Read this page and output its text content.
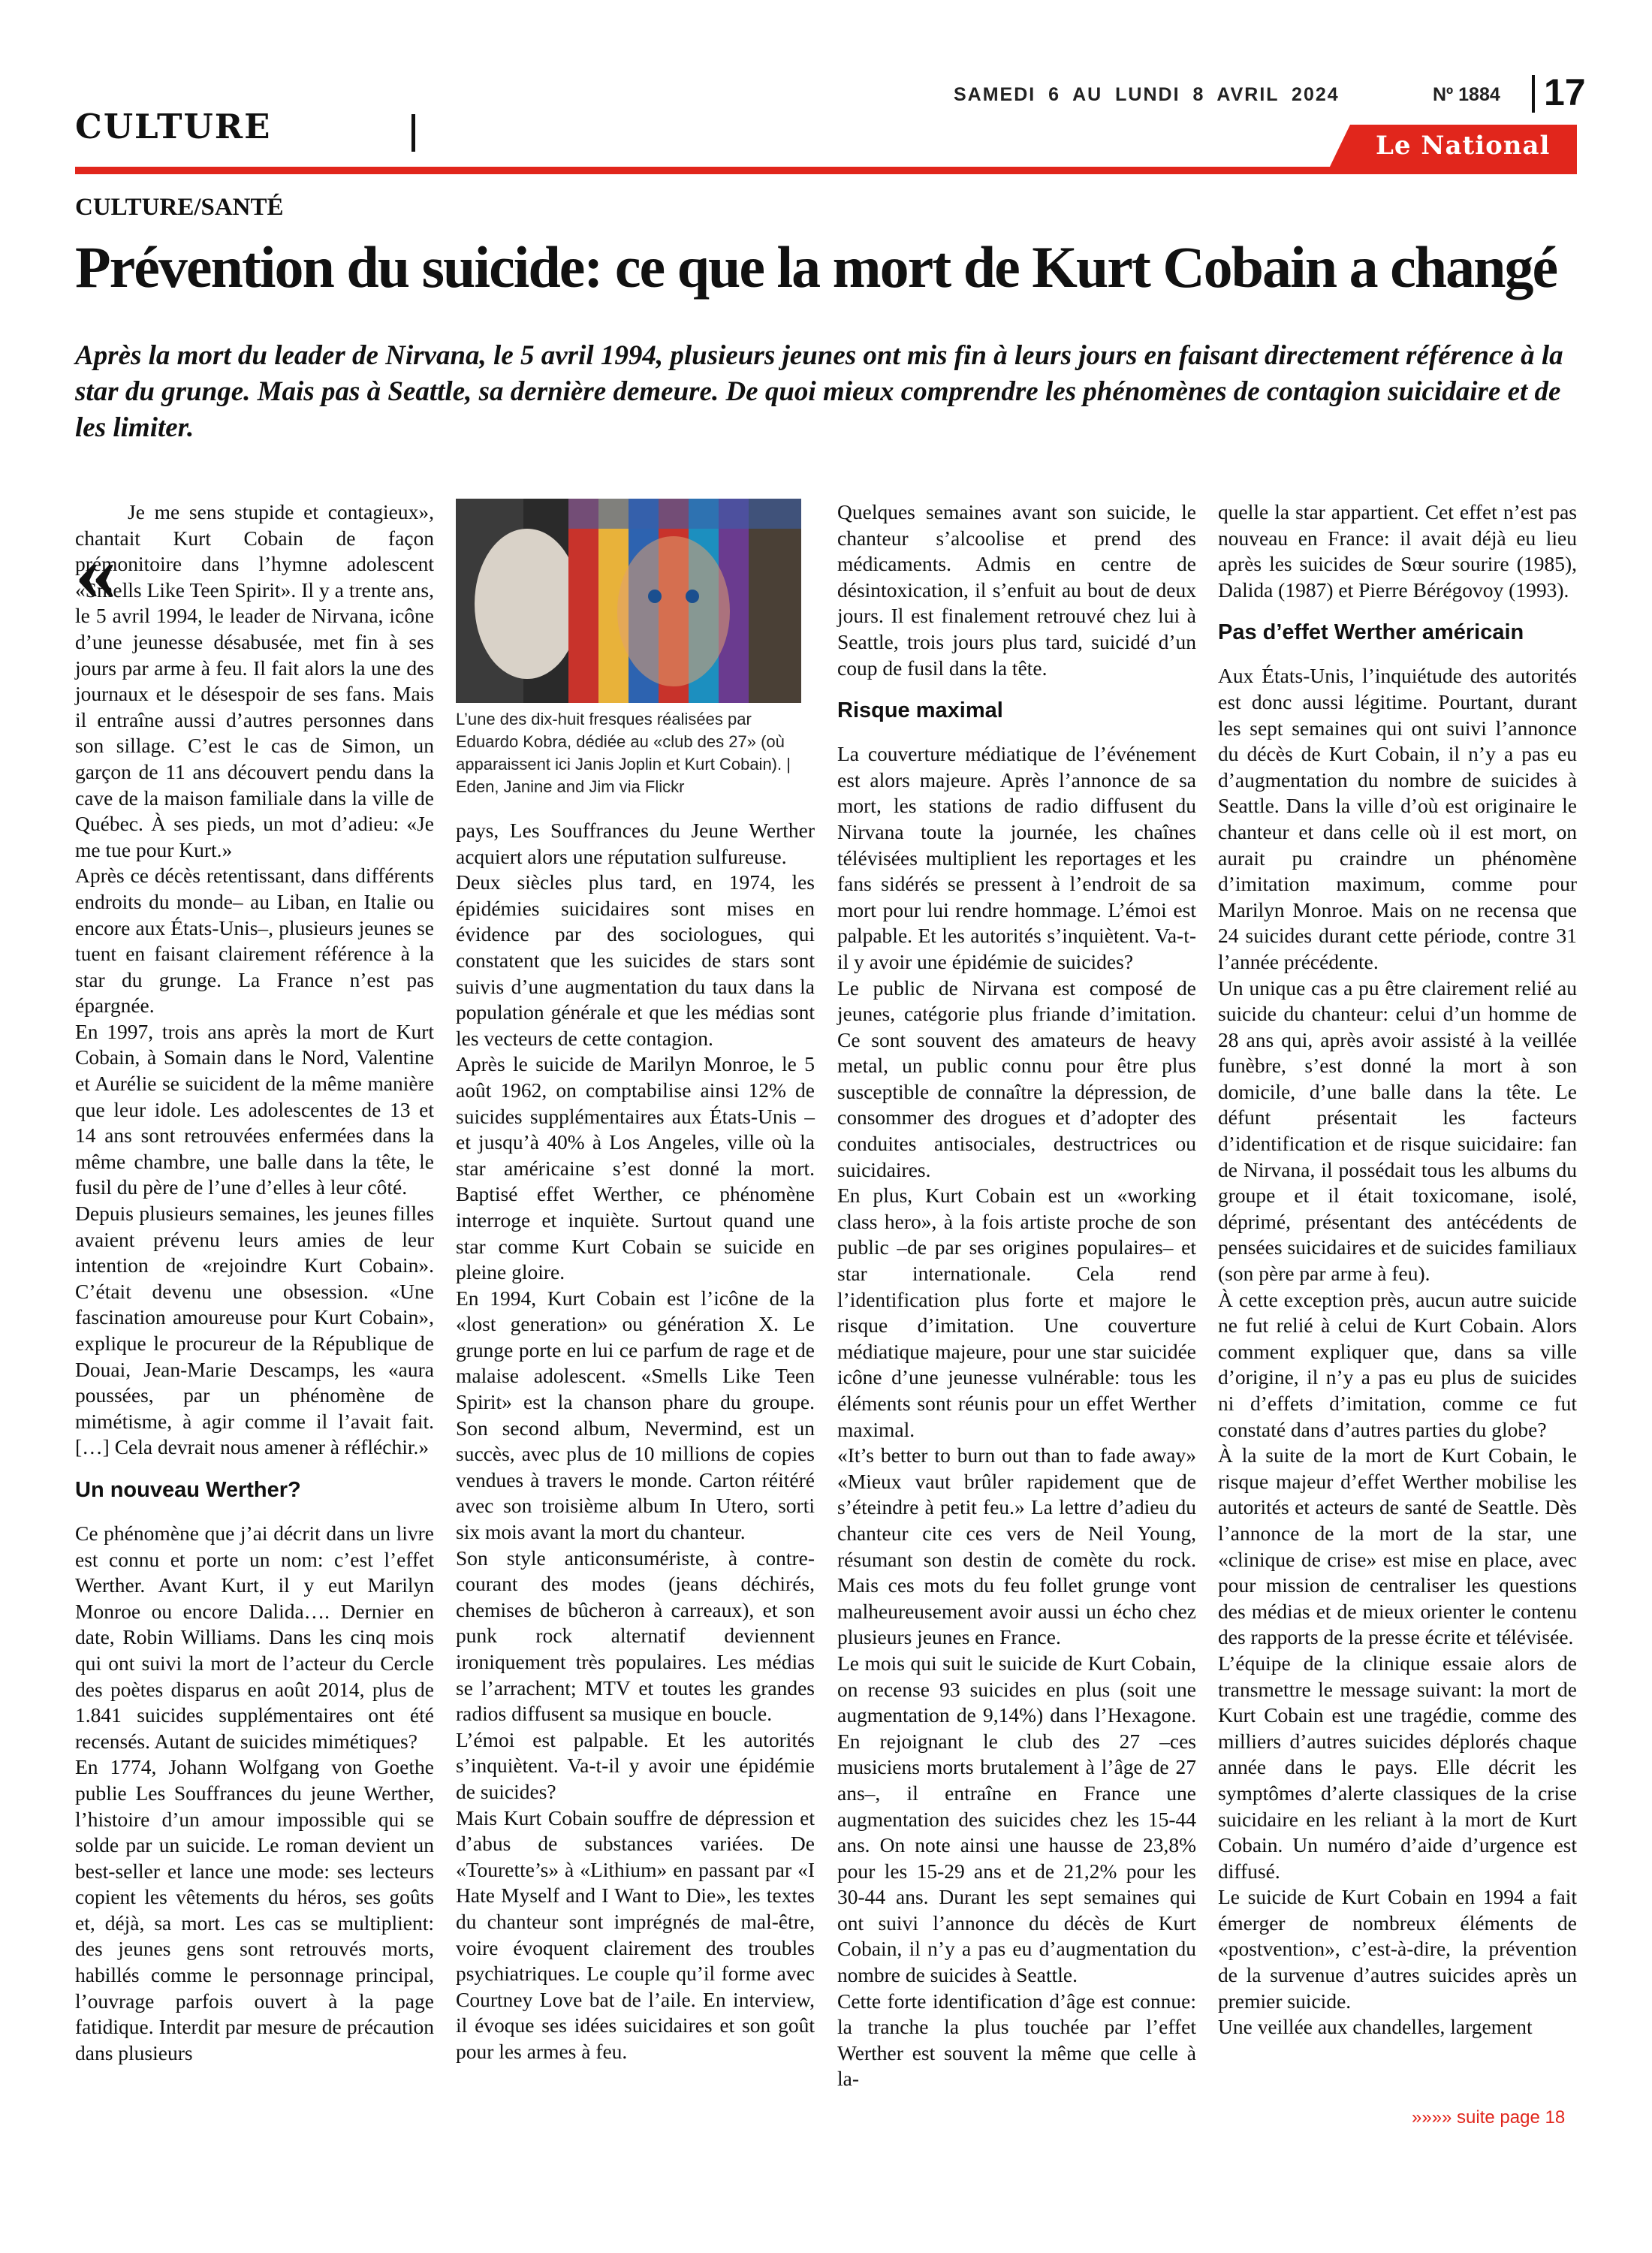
CULTURE
SAMEDI 6 AU LUNDI 8 AVRIL 2024	Nº 1884 17
Le National
CULTURE/SANTÉ
Prévention du suicide: ce que la mort de Kurt Cobain a changé
Après la mort du leader de Nirvana, le 5 avril 1994, plusieurs jeunes ont mis fin à leurs jours en faisant directement référence à la star du grunge. Mais pas à Seattle, sa dernière demeure. De quoi mieux comprendre les phénomènes de contagion suicidaire et de les limiter.
«

Je me sens stupide et contagieux», chantait Kurt Cobain de façon prémonitoire dans l’hymne adolescent «Smells Like Teen Spirit». Il y a trente ans, le 5 avril 1994, le leader de Nirvana, icône d’une jeunesse désabusée, met fin à ses jours par arme à feu. Il fait alors la une des journaux et le désespoir de ses fans. Mais il entraîne aussi d’autres personnes dans son sillage. C’est le cas de Simon, un garçon de 11 ans découvert pendu dans la cave de la maison familiale dans la ville de Québec. À ses pieds, un mot d’adieu: «Je me tue pour Kurt.»

Après ce décès retentissant, dans différents endroits du monde– au Liban, en Italie ou encore aux États-Unis–, plusieurs jeunes se tuent en faisant clairement référence à la star du grunge. La France n’est pas épargnée.

En 1997, trois ans après la mort de Kurt Cobain, à Somain dans le Nord, Valentine et Aurélie se suicident de la même manière que leur idole. Les adolescentes de 13 et 14 ans sont retrouvées enfermées dans la même chambre, une balle dans la tête, le fusil du père de l’une d’elles à leur côté.

Depuis plusieurs semaines, les jeunes filles avaient prévenu leurs amies de leur intention de «rejoindre Kurt Cobain». C’était devenu une obsession. «Une fascination amoureuse pour Kurt Cobain», explique le procureur de la République de Douai, Jean-Marie Descamps, les «aura poussées, par un phénomène de mimétisme, à agir comme il l’avait fait. […] Cela devrait nous amener à réfléchir.»

Un nouveau Werther?

Ce phénomène que j’ai décrit dans un livre est connu et porte un nom: c’est l’effet Werther. Avant Kurt, il y eut Marilyn Monroe ou encore Dalida…. Dernier en date, Robin Williams. Dans les cinq mois qui ont suivi la mort de l’acteur du Cercle des poètes disparus en août 2014, plus de 1.841 suicides supplémentaires ont été recensés. Autant de suicides mimétiques?

En 1774, Johann Wolfgang von Goethe publie Les Souffrances du jeune Werther, l’histoire d’un amour impossible qui se solde par un suicide. Le roman devient un best-seller et lance une mode: ses lecteurs copient les vêtements du héros, ses goûts et, déjà, sa mort. Les cas se multiplient: des jeunes gens sont retrouvés morts, habillés comme le personnage principal, l’ouvrage parfois ouvert à la page fatidique. Interdit par mesure de précaution dans plusieurs

L’une des dix-huit fresques réalisées par Eduardo Kobra, dédiée au «club des 27» (où apparaissent ici Janis Joplin et Kurt Cobain). | Eden, Janine and Jim via Flickr

pays, Les Souffrances du Jeune Werther acquiert alors une réputation sulfureuse.

Deux siècles plus tard, en 1974, les épidémies suicidaires sont mises en évidence par des sociologues, qui constatent que les suicides de stars sont suivis d’une augmentation du taux dans la population générale et que les médias sont les vecteurs de cette contagion.

Après le suicide de Marilyn Monroe, le 5 août 1962, on comptabilise ainsi 12% de suicides supplémentaires aux États-Unis –et jusqu’à 40% à Los Angeles, ville où la star américaine s’est donné la mort. Baptisé effet Werther, ce phénomène interroge et inquiète. Surtout quand une star comme Kurt Cobain se suicide en pleine gloire.

En 1994, Kurt Cobain est l’icône de la «lost generation» ou génération X. Le grunge porte en lui ce parfum de rage et de malaise adolescent. «Smells Like Teen Spirit» est la chanson phare du groupe. Son second album, Nevermind, est un succès, avec plus de 10 millions de copies vendues à travers le monde. Carton réitéré avec son troisième album In Utero, sorti six mois avant la mort du chanteur.

Son style anticonsumériste, à contre-courant des modes (jeans déchirés, chemises de bûcheron à carreaux), et son punk rock alternatif deviennent ironiquement très populaires. Les médias se l’arrachent; MTV et toutes les grandes radios diffusent sa musique en boucle.

L’émoi est palpable. Et les autorités s’inquiètent. Va-t-il y avoir une épidémie de suicides?

Mais Kurt Cobain souffre de dépression et d’abus de substances variées. De «Tourette’s» à «Lithium» en passant par «I Hate Myself and I Want to Die», les textes du chanteur sont imprégnés de mal-être, voire évoquent clairement des troubles psychiatriques. Le couple qu’il forme avec Courtney Love bat de l’aile. En interview, il évoque ses idées suicidaires et son goût pour les armes à feu.

Quelques semaines avant son suicide, le chanteur s’alcoolise et prend des médicaments. Admis en centre de désintoxication, il s’enfuit au bout de deux jours. Il est finalement retrouvé chez lui à Seattle, trois jours plus tard, suicidé d’un coup de fusil dans la tête.

Risque maximal

La couverture médiatique de l’événement est alors majeure. Après l’annonce de sa mort, les stations de radio diffusent du Nirvana toute la journée, les chaînes télévisées multiplient les reportages et les fans sidérés se pressent à l’endroit de sa mort pour lui rendre hommage. L’émoi est palpable. Et les autorités s’inquiètent. Va-t-il y avoir une épidémie de suicides?

Le public de Nirvana est composé de jeunes, catégorie plus friande d’imitation. Ce sont souvent des amateurs de heavy metal, un public connu pour être plus susceptible de connaître la dépression, de consommer des drogues et d’adopter des conduites antisociales, destructrices ou suicidaires.

En plus, Kurt Cobain est un «working class hero», à la fois artiste proche de son public –de par ses origines populaires– et star internationale. Cela rend l’identification plus forte et majore le risque d’imitation. Une couverture médiatique majeure, pour une star suicidée icône d’une jeunesse vulnérable: tous les éléments sont réunis pour un effet Werther maximal.

«It’s better to burn out than to fade away» «Mieux vaut brûler rapidement que de s’éteindre à petit feu.» La lettre d’adieu du chanteur cite ces vers de Neil Young, résumant son destin de comète du rock. Mais ces mots du feu follet grunge vont malheureusement avoir aussi un écho chez plusieurs jeunes en France.

Le mois qui suit le suicide de Kurt Cobain, on recense 93 suicides en plus (soit une augmentation de 9,14%) dans l’Hexagone. En rejoignant le club des 27 –ces musiciens morts brutalement à l’âge de 27 ans–, il entraîne en France une augmentation des suicides chez les 15-44 ans. On note ainsi une hausse de 23,8% pour les 15-29 ans et de 21,2% pour les 30-44 ans. Durant les sept semaines qui ont suivi l’annonce du décès de Kurt Cobain, il n’y a pas eu d’augmentation du nombre de suicides à Seattle.

Cette forte identification d’âge est connue: la tranche la plus touchée par l’effet Werther est souvent la même que celle à la-

quelle la star appartient. Cet effet n’est pas nouveau en France: il avait déjà eu lieu après les suicides de Sœur sourire (1985), Dalida (1987) et Pierre Bérégovoy (1993).

Pas d’effet Werther américain

Aux États-Unis, l’inquiétude des autorités est donc aussi légitime. Pourtant, durant les sept semaines qui ont suivi l’annonce du décès de Kurt Cobain, il n’y a pas eu d’augmentation du nombre de suicides à Seattle. Dans la ville d’où est originaire le chanteur et dans celle où il est mort, on aurait pu craindre un phénomène d’imitation maximum, comme pour Marilyn Monroe. Mais on ne recensa que 24 suicides durant cette période, contre 31 l’année précédente.

Un unique cas a pu être clairement relié au suicide du chanteur: celui d’un homme de 28 ans qui, après avoir assisté à la veillée funèbre, s’est donné la mort à son domicile, d’une balle dans la tête. Le défunt présentait les facteurs d’identification et de risque suicidaire: fan de Nirvana, il possédait tous les albums du groupe et il était toxicomane, isolé, déprimé, présentant des antécédents de pensées suicidaires et de suicides familiaux (son père par arme à feu).

À cette exception près, aucun autre suicide ne fut relié à celui de Kurt Cobain. Alors comment expliquer que, dans sa ville d’origine, il n’y a pas eu plus de suicides ni d’effets d’imitation, comme ce fut constaté dans d’autres parties du globe?

À la suite de la mort de Kurt Cobain, le risque majeur d’effet Werther mobilise les autorités et acteurs de santé de Seattle. Dès l’annonce de la mort de la star, une «clinique de crise» est mise en place, avec pour mission de centraliser les questions des médias et de mieux orienter le contenu des rapports de la presse écrite et télévisée.

L’équipe de la clinique essaie alors de transmettre le message suivant: la mort de Kurt Cobain est une tragédie, comme des milliers d’autres suicides déplorés chaque année dans le pays. Elle décrit les symptômes d’alerte classiques de la crise suicidaire en les reliant à la mort de Kurt Cobain. Un numéro d’aide d’urgence est diffusé.

Le suicide de Kurt Cobain en 1994 a fait émerger de nombreux éléments de «postvention», c’est-à-dire, la prévention de la survenue d’autres suicides après un premier suicide.

Une veillée aux chandelles, largement

»»»» suite page 18
